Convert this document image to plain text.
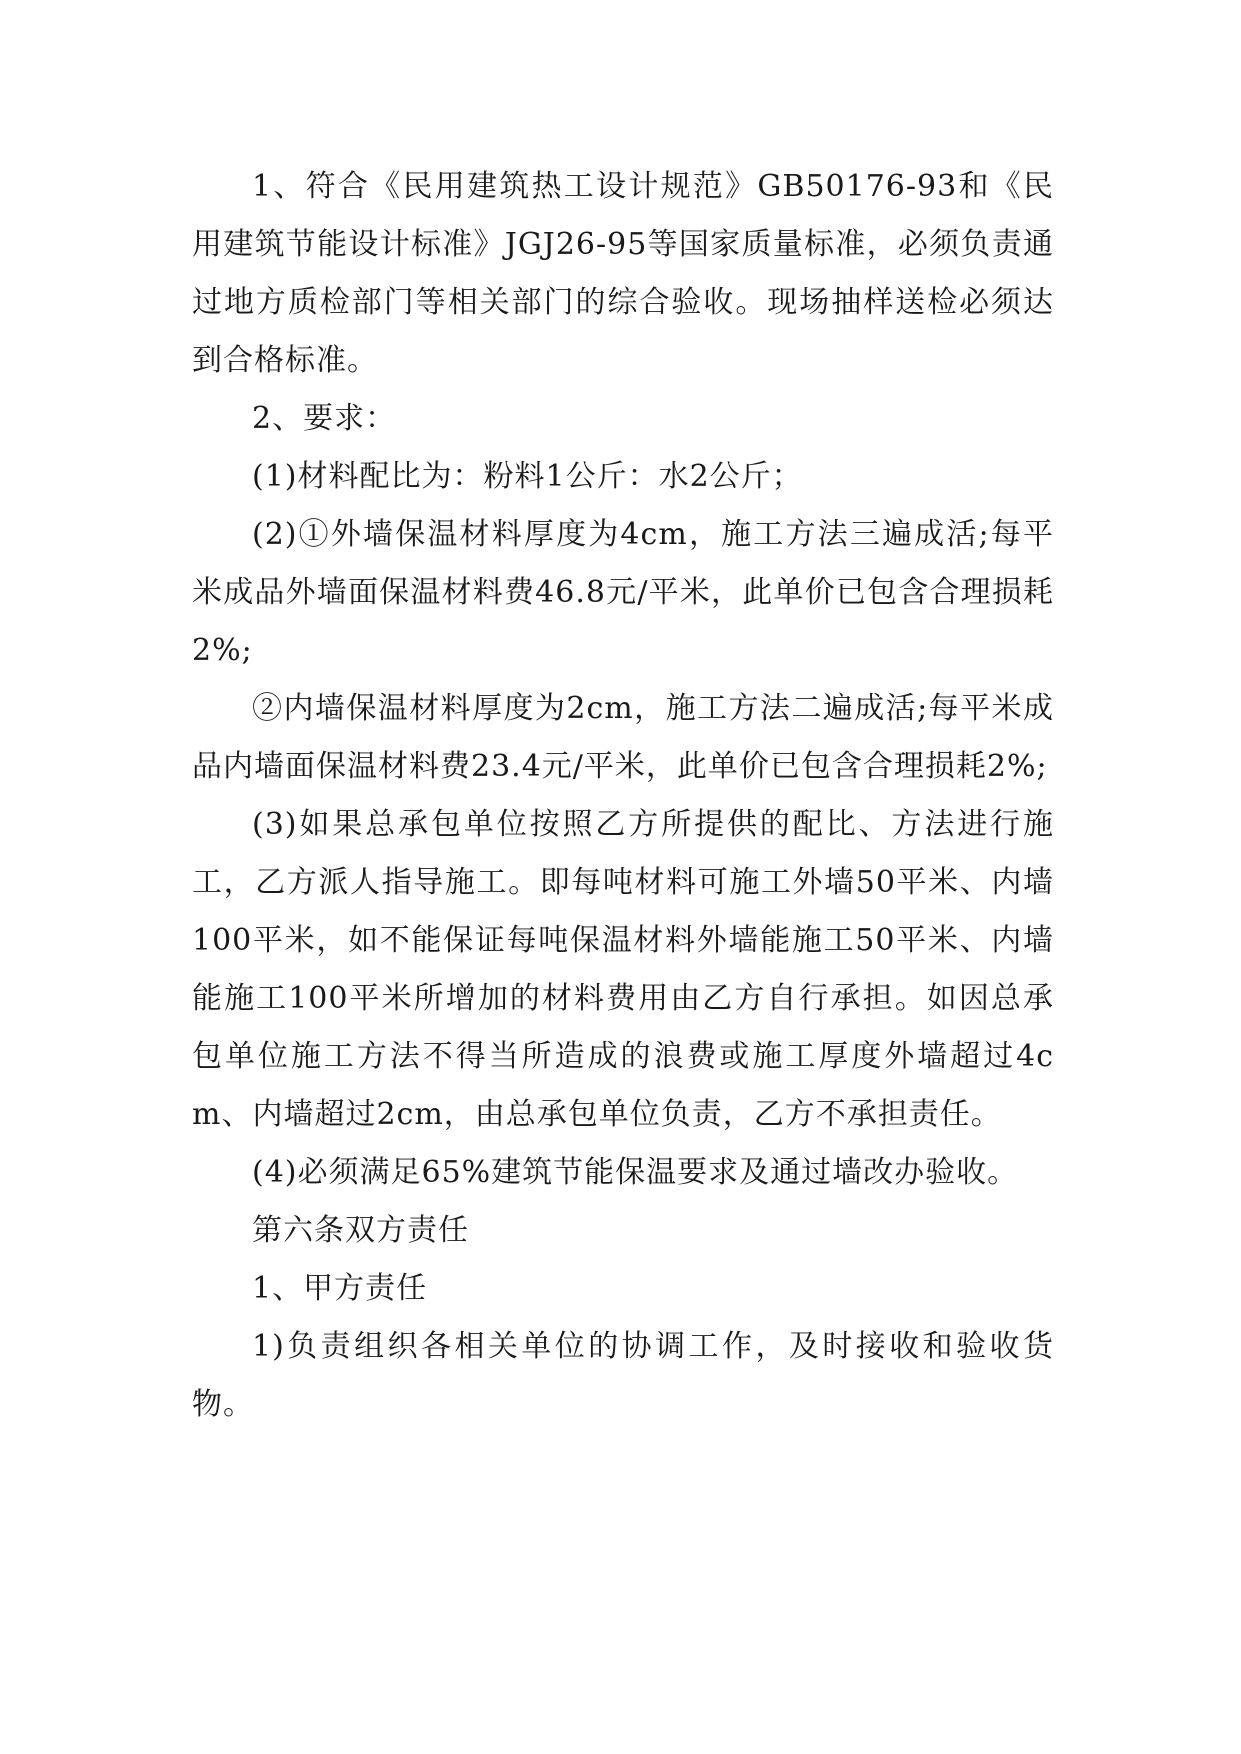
1、符合《民用建筑热工设计规范》GB50176-93和《民用建筑节能设计标准》JGJ26-95等国家质量标准，必须负责通过地方质检部门等相关部门的综合验收。现场抽样送检必须达到合格标准。

2、要求：

(1)材料配比为：粉料1公斤：水2公斤；

(2)①外墙保温材料厚度为4cm，施工方法三遍成活;每平米成品外墙面保温材料费46.8元/平米，此单价已包含合理损耗2%;

②内墙保温材料厚度为2cm，施工方法二遍成活;每平米成品内墙面保温材料费23.4元/平米，此单价已包含合理损耗2%;

(3)如果总承包单位按照乙方所提供的配比、方法进行施工，乙方派人指导施工。即每吨材料可施工外墙50平米、内墙100平米，如不能保证每吨保温材料外墙能施工50平米、内墙能施工100平米所增加的材料费用由乙方自行承担。如因总承包单位施工方法不得当所造成的浪费或施工厚度外墙超过4cm、内墙超过2cm，由总承包单位负责，乙方不承担责任。

(4)必须满足65%建筑节能保温要求及通过墙改办验收。

第六条双方责任

1、甲方责任

1)负责组织各相关单位的协调工作，及时接收和验收货物。
